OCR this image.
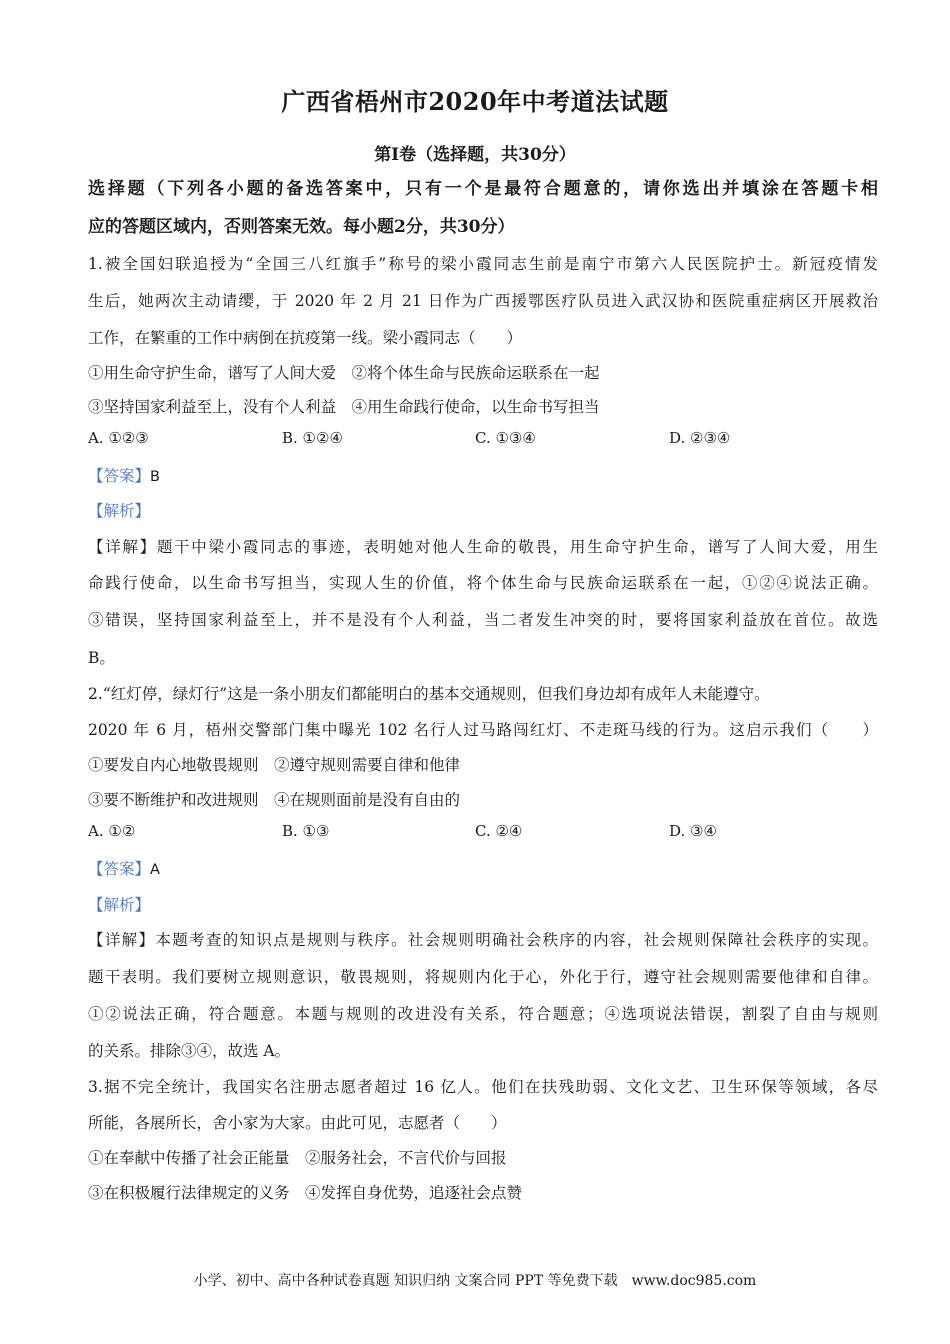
广西省梧州市2020年中考道法试题
第Ⅰ卷（选择题，共30分）
选择题（下列各小题的备选答案中，只有一个是最符合题意的，请你选出并填涂在答题卡相
应的答题区域内，否则答案无效。每小题2分，共30分）
1.被全国妇联追授为“全国三八红旗手”称号的梁小霞同志生前是南宁市第六人民医院护士。新冠疫情发
生后，她两次主动请缨，于 2020 年 2 月 21 日作为广西援鄂医疗队员进入武汉协和医院重症病区开展救治
工作，在繁重的工作中病倒在抗疫第一线。梁小霞同志（　　）
①用生命守护生命，谱写了人间大爱　②将个体生命与民族命运联系在一起
③坚持国家利益至上，没有个人利益　④用生命践行使命，以生命书写担当
A. ①②③	B. ①②④	C. ①③④	D. ②③④
【答案】B
【解析】
【详解】题干中梁小霞同志的事迹，表明她对他人生命的敬畏，用生命守护生命，谱写了人间大爱，用生
命践行使命，以生命书写担当，实现人生的价值，将个体生命与民族命运联系在一起，①②④说法正确。
③错误，坚持国家利益至上，并不是没有个人利益，当二者发生冲突的时，要将国家利益放在首位。故选
B。
2.“红灯停，绿灯行”这是一条小朋友们都能明白的基本交通规则，但我们身边却有成年人未能遵守。
2020 年 6 月，梧州交警部门集中曝光 102 名行人过马路闯红灯、不走斑马线的行为。这启示我们（　　）
①要发自内心地敬畏规则　②遵守规则需要自律和他律
③要不断维护和改进规则　④在规则面前是没有自由的
A. ①②	B. ①③	C. ②④	D. ③④
【答案】A
【解析】
【详解】本题考查的知识点是规则与秩序。社会规则明确社会秩序的内容，社会规则保障社会秩序的实现。
题干表明。我们要树立规则意识，敬畏规则，将规则内化于心，外化于行，遵守社会规则需要他律和自律。
①②说法正确，符合题意。本题与规则的改进没有关系，符合题意；④选项说法错误，割裂了自由与规则
的关系。排除③④，故选 A。
3.据不完全统计，我国实名注册志愿者超过 16 亿人。他们在扶残助弱、文化文艺、卫生环保等领域，各尽
所能，各展所长，舍小家为大家。由此可见，志愿者（　　）
①在奉献中传播了社会正能量　②服务社会，不言代价与回报
③在积极履行法律规定的义务　④发挥自身优势，追逐社会点赞
小学、初中、高中各种试卷真题 知识归纳 文案合同 PPT 等免费下载　www.doc985.com
